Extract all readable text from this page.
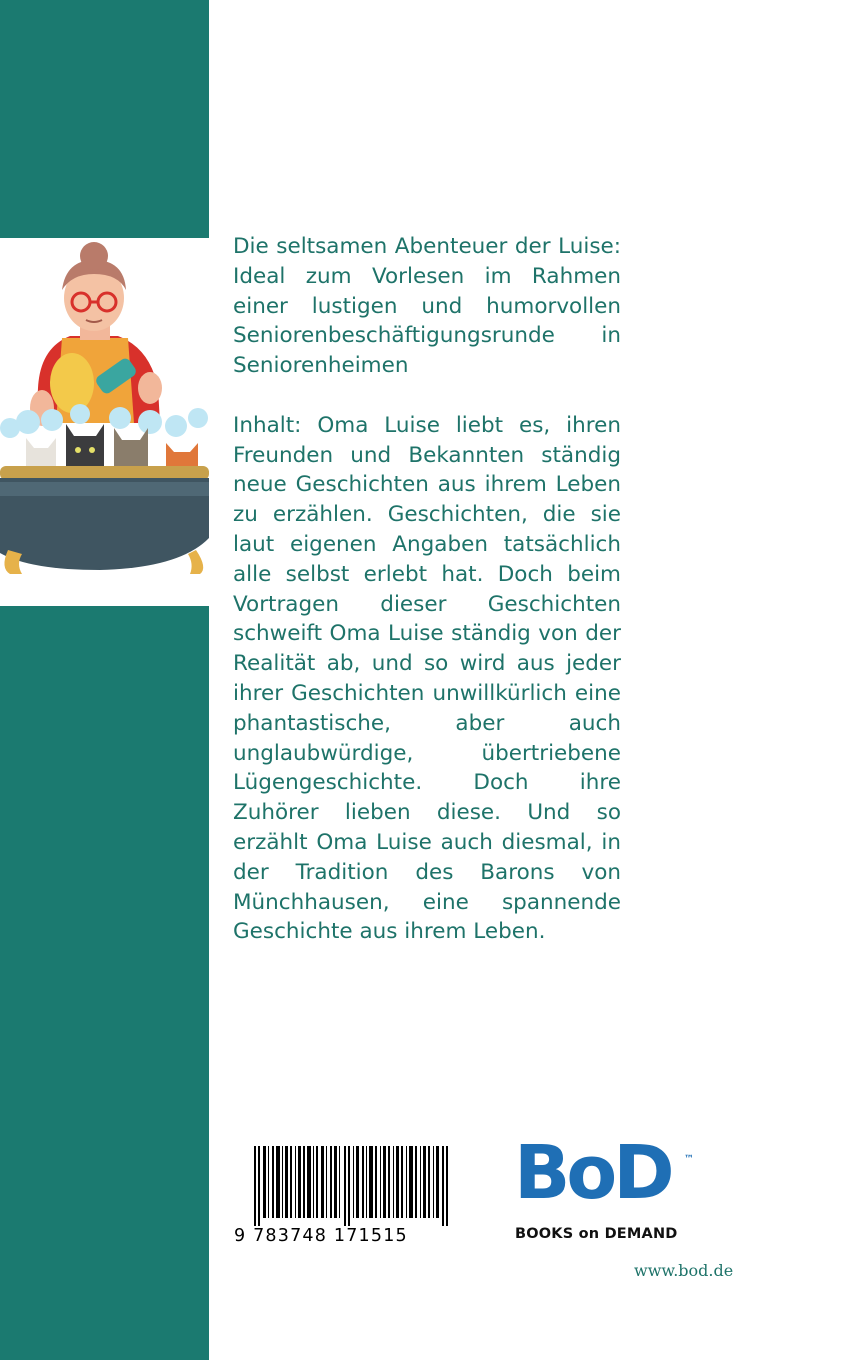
Die seltsamen Abenteuer der Luise: Ideal zum Vorlesen im Rahmen einer lustigen und humorvollen Seniorenbeschäftigungsrunde in Seniorenheimen

Inhalt: Oma Luise liebt es, ihren Freunden und Bekannten ständig neue Geschichten aus ihrem Leben zu erzählen. Geschichten, die sie laut eigenen Angaben tatsächlich alle selbst erlebt hat. Doch beim Vortragen dieser Geschichten schweift Oma Luise ständig von der Realität ab, und so wird aus jeder ihrer Geschichten unwillkürlich eine phantastische, aber auch unglaubwürdige, übertriebene Lügengeschichte. Doch ihre Zuhörer lieben diese. Und so erzählt Oma Luise auch diesmal, in der Tradition des Barons von Münchhausen, eine spannende Geschichte aus ihrem Leben.

9 783748 171515
BoD ™
BOOKS on DEMAND
www.bod.de
